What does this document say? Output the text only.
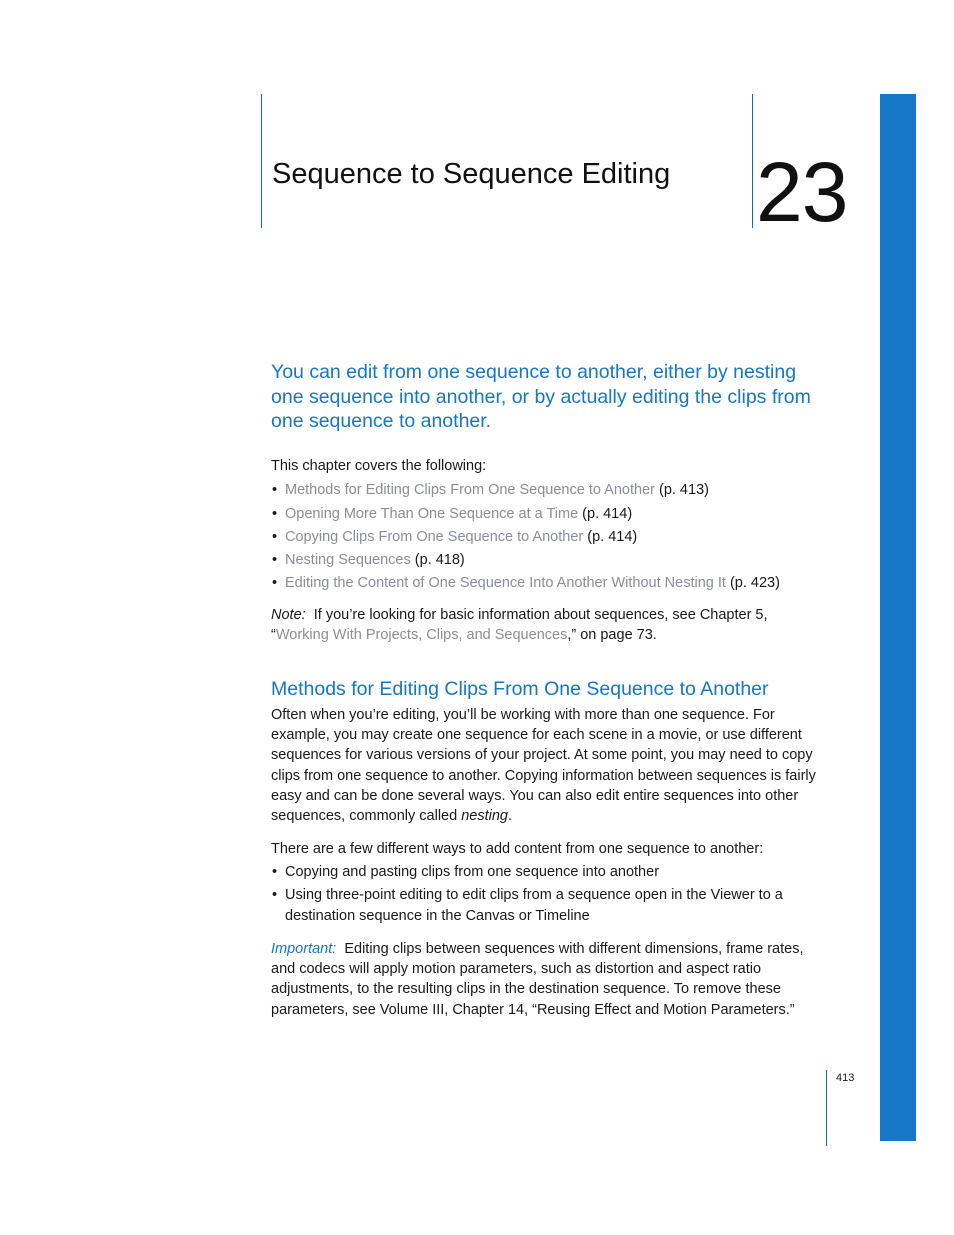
Sequence to Sequence Editing 23
You can edit from one sequence to another, either by nesting one sequence into another, or by actually editing the clips from one sequence to another.

This chapter covers the following:

• Methods for Editing Clips From One Sequence to Another (p. 413)
• Opening More Than One Sequence at a Time (p. 414)
• Copying Clips From One Sequence to Another (p. 414)
• Nesting Sequences (p. 418)
• Editing the Content of One Sequence Into Another Without Nesting It (p. 423)

Note: If you’re looking for basic information about sequences, see Chapter 5, “Working With Projects, Clips, and Sequences,” on page 73.

Methods for Editing Clips From One Sequence to Another

Often when you’re editing, you’ll be working with more than one sequence. For example, you may create one sequence for each scene in a movie, or use different sequences for various versions of your project. At some point, you may need to copy clips from one sequence to another. Copying information between sequences is fairly easy and can be done several ways. You can also edit entire sequences into other sequences, commonly called nesting.

There are a few different ways to add content from one sequence to another:

• Copying and pasting clips from one sequence into another
• Using three-point editing to edit clips from a sequence open in the Viewer to a destination sequence in the Canvas or Timeline

Important: Editing clips between sequences with different dimensions, frame rates, and codecs will apply motion parameters, such as distortion and aspect ratio adjustments, to the resulting clips in the destination sequence. To remove these parameters, see Volume III, Chapter 14, “Reusing Effect and Motion Parameters.”

413
